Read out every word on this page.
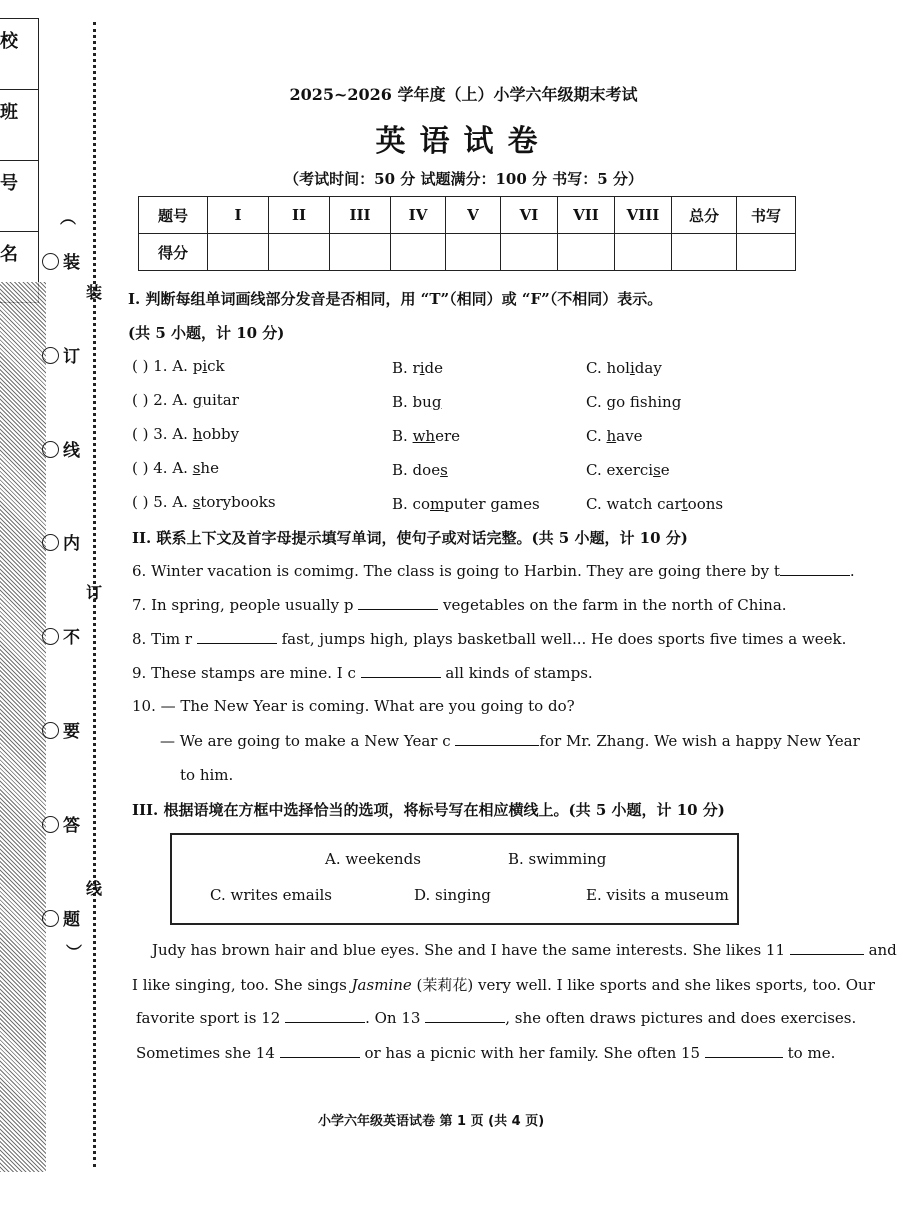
校
班
号
名	装
订
线
内
不
要
答
题
︵
装
订
线
︶
2025~2026 学年度（上）小学六年级期末考试
英语试卷
（考试时间：50 分 试题满分：100 分 书写：5 分）
题号	I	II	III	IV	V	VI	VII	VIII	总分	书写
得分										
I. 判断每组单词画线部分发音是否相同，用 “T”（相同）或 “F”（不相同）表示。
(共 5 小题，计 10 分)
( ) 1. A. pick	B. ride	C. holiday
( ) 2. A. guitar	B. bug	C. go fishing
( ) 3. A. hobby	B. where	C. have
( ) 4. A. she	B. does	C. exercise
( ) 5. A. storybooks	B. computer games	C. watch cartoons
II. 联系上下文及首字母提示填写单词，使句子或对话完整。(共 5 小题，计 10 分)
6. Winter vacation is comimg. The class is going to Harbin. They are going there by t	.
7. In spring, people usually p	vegetables on the farm in the north of China.
8. Tim r	fast, jumps high, plays basketball well... He does sports five times a week.
9. These stamps are mine. I c	all kinds of stamps.
10. — The New Year is coming. What are you going to do?
— We are going to make a New Year c	for Mr. Zhang. We wish a happy New Year
to him.
III. 根据语境在方框中选择恰当的选项，将标号写在相应横线上。(共 5 小题，计 10 分)
A. weekends	B. swimming
C. writes emails	D. singing	E. visits a museum
Judy has brown hair and blue eyes. She and I have the same interests. She likes 11	and
I like singing, too. She sings Jasmine (茉莉花) very well. I like sports and she likes sports, too. Our
favorite sport is 12	. On 13	, she often draws pictures and does exercises.
Sometimes she 14	or has a picnic with her family. She often 15	to me.
小学六年级英语试卷 第 1 页 (共 4 页)
